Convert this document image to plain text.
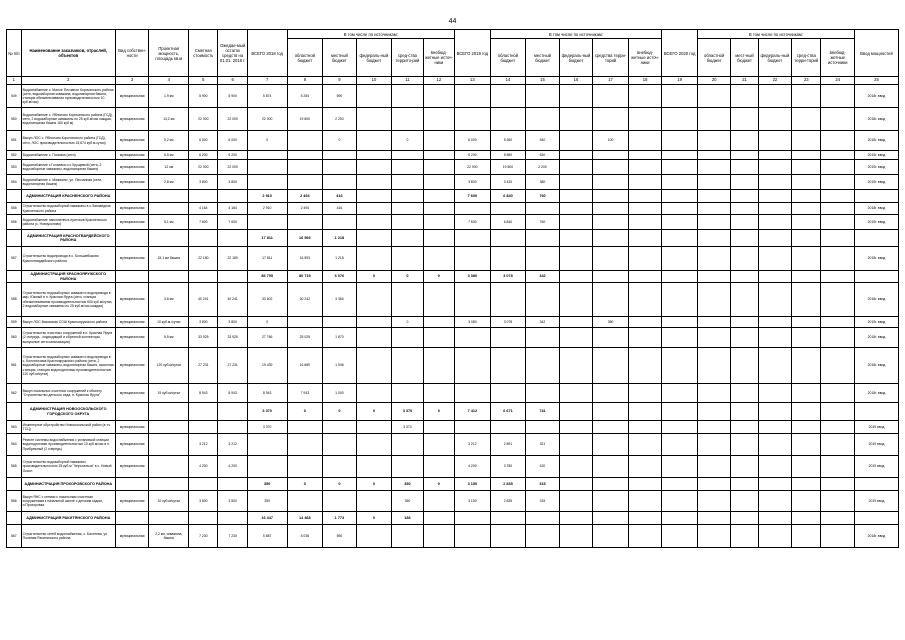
44
№ п/п	Наименование заказчиков, отраслей, объектов	Вид собствен-ности	Проектная мощность, площадь кв.м	Сметная стоимость	Ожидае-мый остаток средств на 01.01. 2018 г.	ВСЕГО 2018 год	В том числе по источникам:					ВСЕГО 2019 год	В том числе по источникам:					ВСЕГО 2020 год	В том числе по источникам:					Ввод мощностей
							областной бюджет	местный бюджет	федераль-ный бюджет	сред-ства террито-рий	внебюд-жетные источ-ники		областной бюджет	местный бюджет	федераль-ный бюджет	средства терри-торий	внебюд-жетные источ-ники		областной бюджет	мест-ный бюджет	федераль-ный бюджет	сред-ства терри-торий	внебюд-жетные источники	
1	2	3	4	5	6	7	8	9	10	11	12	13	14	15	16	17	18	19	20	21	22	23	24	25
549	Водоснабжение с. Малое Песчаное Корочанского района (сети, водозаборная скважина, водонапорная башня, станция обезжелезивания производительностью 10 куб.м/час)	муниципальная	1,9 км	5 900	5 900	5 874	5 284	590																2018г. ввод
550	Водоснабжение с. Яблоново Корочанского района (ГСД), сети, 2 водозаборные скважины по 25 куб.м/час каждая, водонапорная башня 160 куб.м)	муниципальная	13,2 км	22 000	22 000	22 000	19 800	2 200																2018г. ввод
551	Выкуп ЛОС с. Яблоново Корочанского района (ГСД), сети, ЛОС производительностью 15,874 куб.м.сутки)	муниципальная	0,2 км	6 000	6 000	0		0		0		6 000	5 360	540		100								2018г. ввод
552	Водоснабжение с. Поповка (сети)	муниципальная	6,5 км	6 200	6 200							6 200	5 580	620										2019г. ввод
553	Водоснабжение с.Гольевка и х.Хрущевый (сети, 2 водозаборные скважины, водонапорная башня)	муниципальная	12 км	22 000	22 000							22 000	19 800	2 200										2019г. ввод
554	Водоснабжение с. Мазикино, ул. Песчанная (сети, водонапорная башня)	муниципальная	2,8 км	3 800	3 800							3 800	3 420	380										2019г. ввод
	АДМИНИСТРАЦИЯ КРАСНЕНСКОГО РАЙОНА					2 910	2 494	416				7 600	6 840	760										
555	Строительство водозаборной скважины в с.Заповедное Красненского района	муниципальная		4 164	4 164	2 910	2 494	416																2018г. ввод
556	Водоснабжение накопленных притоков Красненского района (с. Новоуколово)	муниципальная	5,1 км	7 600	7 600							7 600	6 840	760										2019г. ввод
	АДМИНИСТРАЦИЯ КРАСНОГВАРДЕЙСКОГО РАЙОНА					17 811	16 593	1 218																
557	Строительство водопровода в с. Большебыково Красногвардейского района	муниципальная	15,1 км башня	22 180	22 180	17 811	16 593	1 218																2018г. ввод
	АДМИНИСТРАЦИЯ КРАСНОЯРУЖСКОГО РАЙОНА					86 795	80 719	6 076	0	0	0	3 080	3 078	342										
558	Строительство водозаборных скважин и водопровода в мкр. Южный в п. Красная Яруга (сети, станция обезжелезивания производительностью 600 куб.м/сутки, 2 водозаборные скважины по 25 куб.м/час каждая)	муниципальная	3,6 км	40 241	40 241	33 602	30 242	3 360																2018г. ввод
559	Выкуп ЛОС Вязовская СОШ Краснояружского района	муниципальная	10 куб.м./сутки	3 800	3 800	0				0		3 080	3 078	342		380								2019г. ввод
560	Строительство очистных сооружений в п. Красная Яруга (2 очередь - подводящий и обрезной коллекторы, выпускные сети канализации)	муниципальная	5,5 км	33 925	33 925	27 766	25 025	1 870																2018г. ввод
561	Строительство водозаборных скважин и водопровода в с. Колотиловка Краснояружского района (сети, 2 водозаборные скважины, водонапорная башня, насосная станция, станция водоподготовки производительностью 120 куб.м/сутки)	муниципальная	120 куб.м/сутки	27 231	27 231	19 439	16 689	1 946																2018г. ввод
562	Выкуп локальных очистных сооружений к объекту "Строительство детского сада, п. Красная Яруга"	муниципальная	19 куб.м/сутки	8 943	8 943	8 943	7 943	1 000																2018г. ввод
	АДМИНИСТРАЦИЯ НОВООСКОЛЬСКОГО ГОРОДСКОГО ОКРУГА					3 370	0	0	0	3 370	0	7 412	6 671	741										
563	Инженерное обустройство Новооскольской район (в т.ч. ТСЦ)	муниципальная				3 370				3 370														2019 ввод
564	Ремонт системы водоснабжения с установкой станции водоподготовки производительностью 10 куб.м/час в п. Прибрежный (2 очередь)	муниципальная		3 212	3 212							3 212	2 891	321										2019 ввод
565	Строительство водозаборной скважины производительностью 25 куб.м "Черъсельза" в с. Новый Оскол	муниципальная		4 200	4 200							4 200	3 780	420										2019 ввод
	АДМИНИСТРАЦИЯ ПРОХОРОВСКОГО РАЙОНА					350	0	0	0	350	0	3 150	2 835	315										
566	Выкуп ЯНС с сетями к локальным очистным сооружениям к начальной школе с детским садом, п.Прохоровка	муниципальная	10 куб.м/сутки	3 500	3 500	350				350		3 150	2 835	315										2019 ввод
	АДМИНИСТРАЦИЯ РАКИТЯНСКОГО РАЙОНА					16 447	14 468	1 773	0	186														
567	Строительство сетей водоснабжения, с. Бахтеева, ул. Поляная Ракитянского района	муниципальная	2,2 км, скважина, башня	7 230	7 230	5 887	5 036	550																2018г. ввод
